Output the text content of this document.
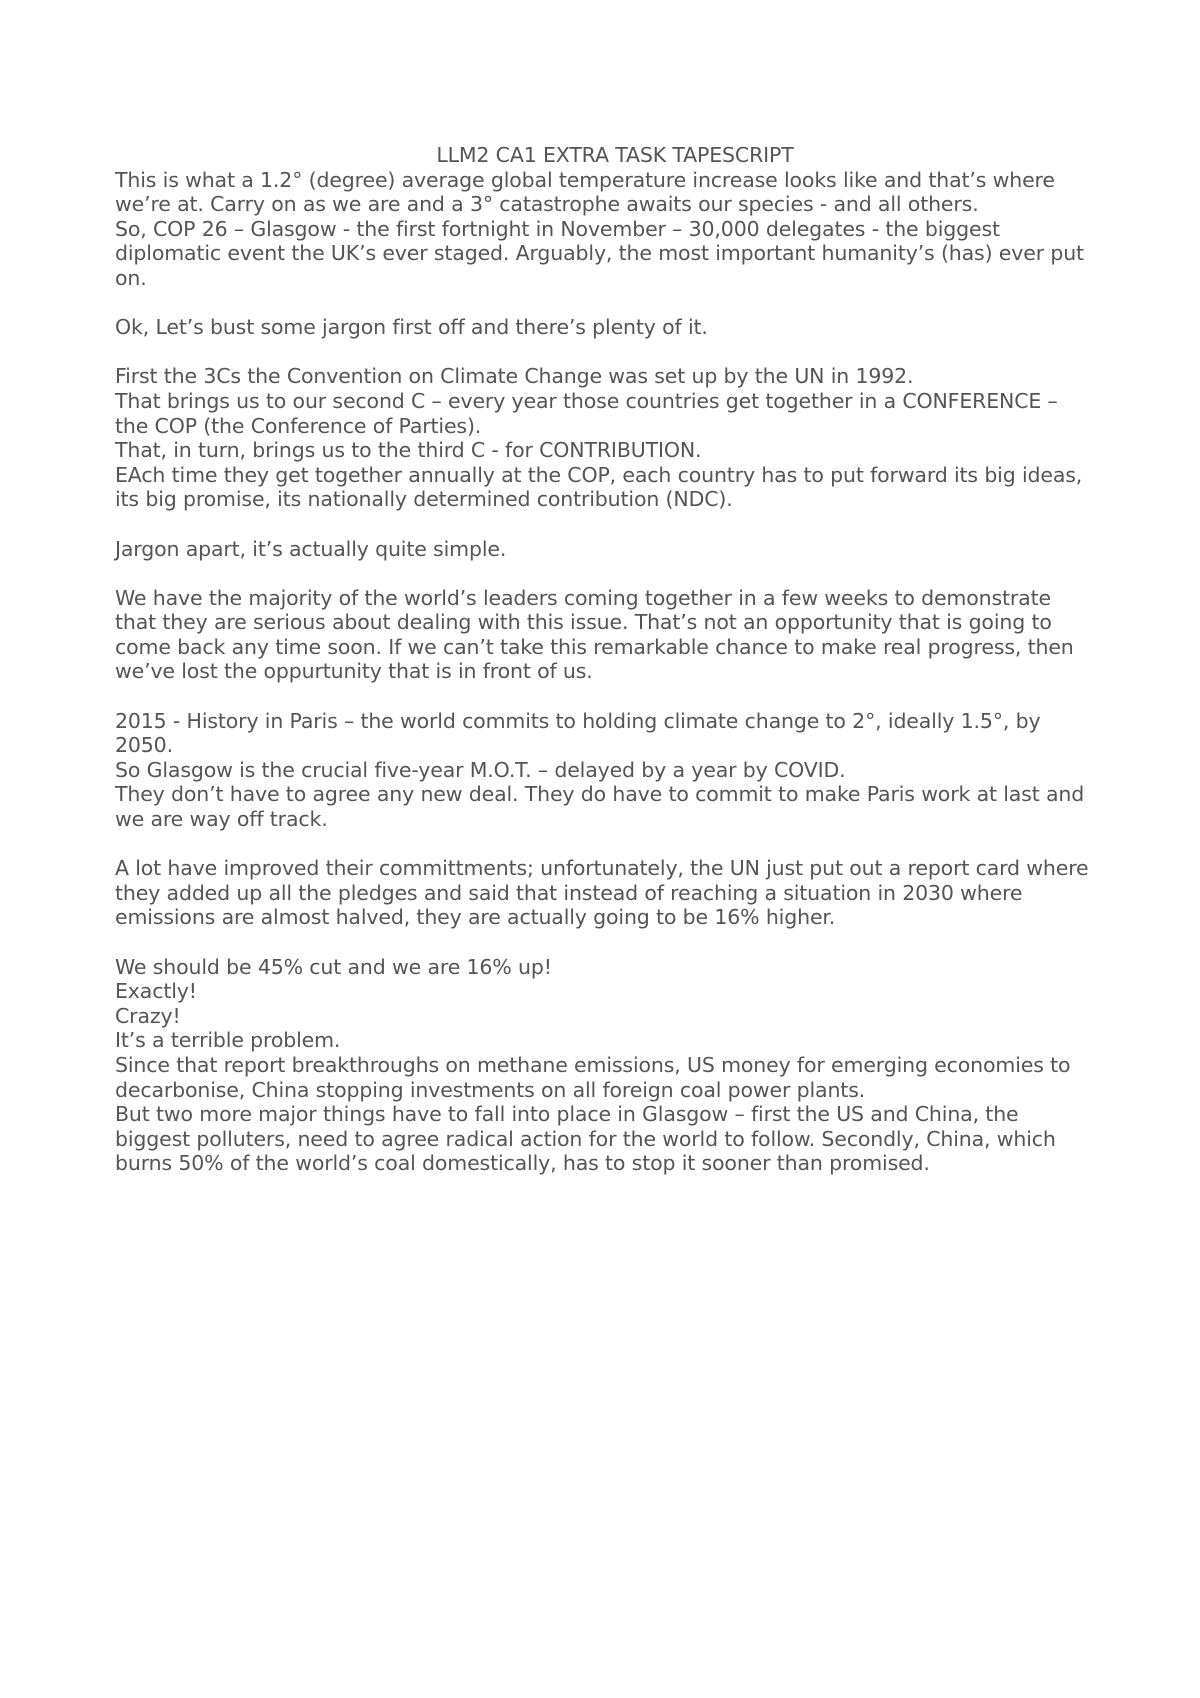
LLM2 CA1 EXTRA TASK TAPESCRIPT

This is what a 1.2° (degree) average global temperature increase looks like and that’s where we’re at. Carry on as we are and a 3° catastrophe awaits our species - and all others.

So, COP 26 – Glasgow - the first fortnight in November – 30,000 delegates - the biggest diplomatic event the UK’s ever staged. Arguably, the most important humanity’s (has) ever put on.

Ok, Let’s bust some jargon first off and there’s plenty of it.

First the 3Cs the Convention on Climate Change was set up by the UN in 1992.

That brings us to our second C – every year those countries get together in a CONFERENCE – the COP (the Conference of Parties).

That, in turn, brings us to the third C - for CONTRIBUTION.

EAch time they get together annually at the COP, each country has to put forward its big ideas, its big promise, its nationally determined contribution (NDC).

Jargon apart, it’s actually quite simple.

We have the majority of the world’s leaders coming together in a few weeks to demonstrate that they are serious about dealing with this issue. That’s not an opportunity that is going to come back any time soon. If we can’t take this remarkable chance to make real progress, then we’ve lost the oppurtunity that is in front of us.

2015 - History in Paris – the world commits to holding climate change to 2°, ideally 1.5°, by 2050.

So Glasgow is the crucial five-year M.O.T. – delayed by a year by COVID.

They don’t have to agree any new deal. They do have to commit to make Paris work at last and we are way off track.

A lot have improved their committments; unfortunately, the UN just put out a report card where they added up all the pledges and said that instead of reaching a situation in 2030 where emissions are almost halved, they are actually going to be 16% higher.

We should be 45% cut and we are 16% up!

Exactly!

Crazy!

It’s a terrible problem.

Since that report breakthroughs on methane emissions, US money for emerging economies to decarbonise, China stopping investments on all foreign coal power plants.

But two more major things have to fall into place in Glasgow – first the US and China, the biggest polluters, need to agree radical action for the world to follow. Secondly, China, which burns 50% of the world’s coal domestically, has to stop it sooner than promised.
